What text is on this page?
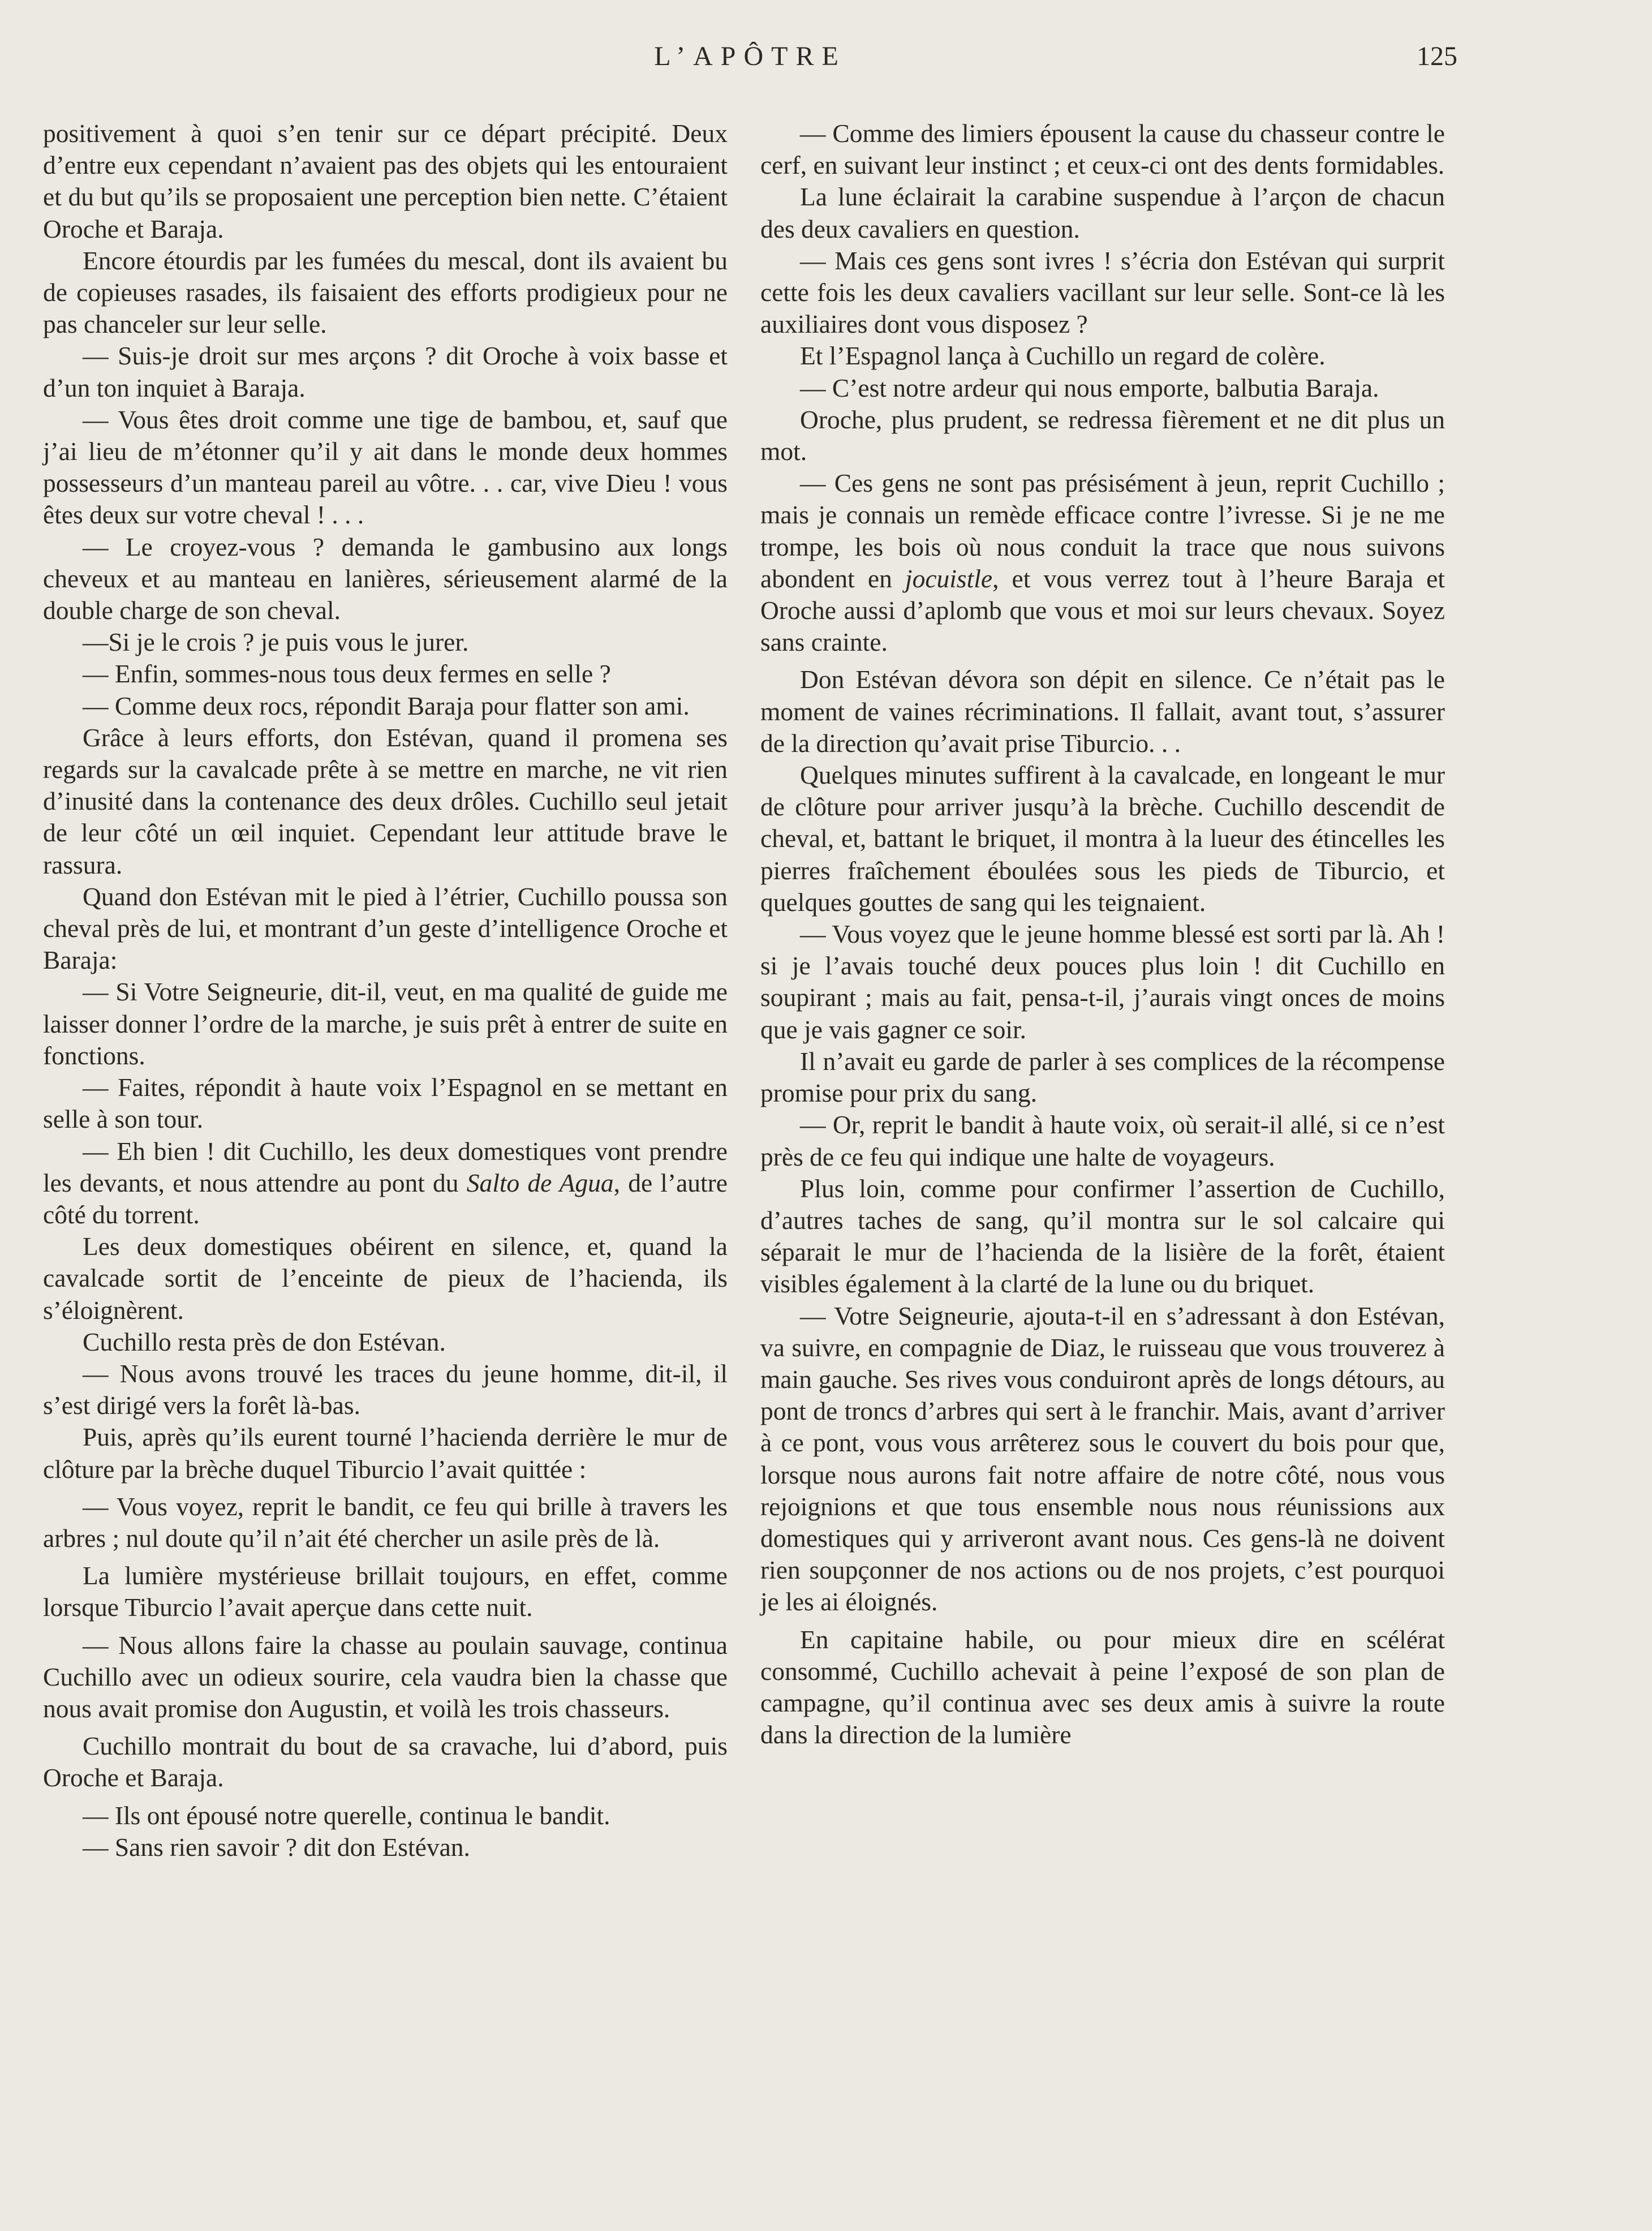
L’APÔTRE	125

positivement à quoi s’en tenir sur ce départ précipité. Deux d’entre eux cependant n’avaient pas des objets qui les entouraient et du but qu’ils se proposaient une perception bien nette. C’étaient Oroche et Baraja.

Encore étourdis par les fumées du mescal, dont ils avaient bu de copieuses rasades, ils faisaient des efforts prodigieux pour ne pas chanceler sur leur selle.

— Suis-je droit sur mes arçons ? dit Oroche à voix basse et d’un ton inquiet à Baraja.

— Vous êtes droit comme une tige de bambou, et, sauf que j’ai lieu de m’étonner qu’il y ait dans le monde deux hommes possesseurs d’un manteau pareil au vôtre. . . car, vive Dieu ! vous êtes deux sur votre cheval ! . . .

— Le croyez-vous ? demanda le gambusino aux longs cheveux et au manteau en lanières, sérieusement alarmé de la double charge de son cheval.

—Si je le crois ? je puis vous le jurer.

— Enfin, sommes-nous tous deux fermes en selle ?

— Comme deux rocs, répondit Baraja pour flatter son ami.

Grâce à leurs efforts, don Estévan, quand il promena ses regards sur la cavalcade prête à se mettre en marche, ne vit rien d’inusité dans la contenance des deux drôles. Cuchillo seul jetait de leur côté un œil inquiet. Cependant leur attitude brave le rassura.

Quand don Estévan mit le pied à l’étrier, Cuchillo poussa son cheval près de lui, et montrant d’un geste d’intelligence Oroche et Baraja:

— Si Votre Seigneurie, dit-il, veut, en ma qualité de guide me laisser donner l’ordre de la marche, je suis prêt à entrer de suite en fonctions.

— Faites, répondit à haute voix l’Espagnol en se mettant en selle à son tour.

— Eh bien ! dit Cuchillo, les deux domestiques vont prendre les devants, et nous attendre au pont du Salto de Agua, de l’autre côté du torrent.

Les deux domestiques obéirent en silence, et, quand la cavalcade sortit de l’enceinte de pieux de l’hacienda, ils s’éloignèrent.

Cuchillo resta près de don Estévan.

— Nous avons trouvé les traces du jeune homme, dit-il, il s’est dirigé vers la forêt là-bas.

Puis, après qu’ils eurent tourné l’hacienda derrière le mur de clôture par la brèche duquel Tiburcio l’avait quittée :

— Vous voyez, reprit le bandit, ce feu qui brille à travers les arbres ; nul doute qu’il n’ait été chercher un asile près de là.

La lumière mystérieuse brillait toujours, en effet, comme lorsque Tiburcio l’avait aperçue dans cette nuit.

— Nous allons faire la chasse au poulain sauvage, continua Cuchillo avec un odieux sourire, cela vaudra bien la chasse que nous avait promise don Augustin, et voilà les trois chasseurs.

Cuchillo montrait du bout de sa cravache, lui d’abord, puis Oroche et Baraja.

— Ils ont épousé notre querelle, continua le bandit.

— Sans rien savoir ? dit don Estévan.

— Comme des limiers épousent la cause du chasseur contre le cerf, en suivant leur instinct ; et ceux-ci ont des dents formidables.

La lune éclairait la carabine suspendue à l’arçon de chacun des deux cavaliers en question.

— Mais ces gens sont ivres ! s’écria don Estévan qui surprit cette fois les deux cavaliers vacillant sur leur selle. Sont-ce là les auxiliaires dont vous disposez ?

Et l’Espagnol lança à Cuchillo un regard de colère.

— C’est notre ardeur qui nous emporte, balbutia Baraja.

Oroche, plus prudent, se redressa fièrement et ne dit plus un mot.

— Ces gens ne sont pas présisément à jeun, reprit Cuchillo ; mais je connais un remède efficace contre l’ivresse. Si je ne me trompe, les bois où nous conduit la trace que nous suivons abondent en jocuistle, et vous verrez tout à l’heure Baraja et Oroche aussi d’aplomb que vous et moi sur leurs chevaux. Soyez sans crainte.

Don Estévan dévora son dépit en silence. Ce n’était pas le moment de vaines récriminations. Il fallait, avant tout, s’assurer de la direction qu’avait prise Tiburcio. . .

Quelques minutes suffirent à la cavalcade, en longeant le mur de clôture pour arriver jusqu’à la brèche. Cuchillo descendit de cheval, et, battant le briquet, il montra à la lueur des étincelles les pierres fraîchement éboulées sous les pieds de Tiburcio, et quelques gouttes de sang qui les teignaient.

— Vous voyez que le jeune homme blessé est sorti par là. Ah ! si je l’avais touché deux pouces plus loin ! dit Cuchillo en soupirant ; mais au fait, pensa-t-il, j’aurais vingt onces de moins que je vais gagner ce soir.

Il n’avait eu garde de parler à ses complices de la récompense promise pour prix du sang.

— Or, reprit le bandit à haute voix, où serait-il allé, si ce n’est près de ce feu qui indique une halte de voyageurs.

Plus loin, comme pour confirmer l’assertion de Cuchillo, d’autres taches de sang, qu’il montra sur le sol calcaire qui séparait le mur de l’hacienda de la lisière de la forêt, étaient visibles également à la clarté de la lune ou du briquet.

— Votre Seigneurie, ajouta-t-il en s’adressant à don Estévan, va suivre, en compagnie de Diaz, le ruisseau que vous trouverez à main gauche. Ses rives vous conduiront après de longs détours, au pont de troncs d’arbres qui sert à le franchir. Mais, avant d’arriver à ce pont, vous vous arrêterez sous le couvert du bois pour que, lorsque nous aurons fait notre affaire de notre côté, nous vous rejoignions et que tous ensemble nous nous réunissions aux domestiques qui y arriveront avant nous. Ces gens-là ne doivent rien soupçonner de nos actions ou de nos projets, c’est pourquoi je les ai éloignés.

En capitaine habile, ou pour mieux dire en scélérat consommé, Cuchillo achevait à peine l’exposé de son plan de campagne, qu’il continua avec ses deux amis à suivre la route dans la direction de la lumière
